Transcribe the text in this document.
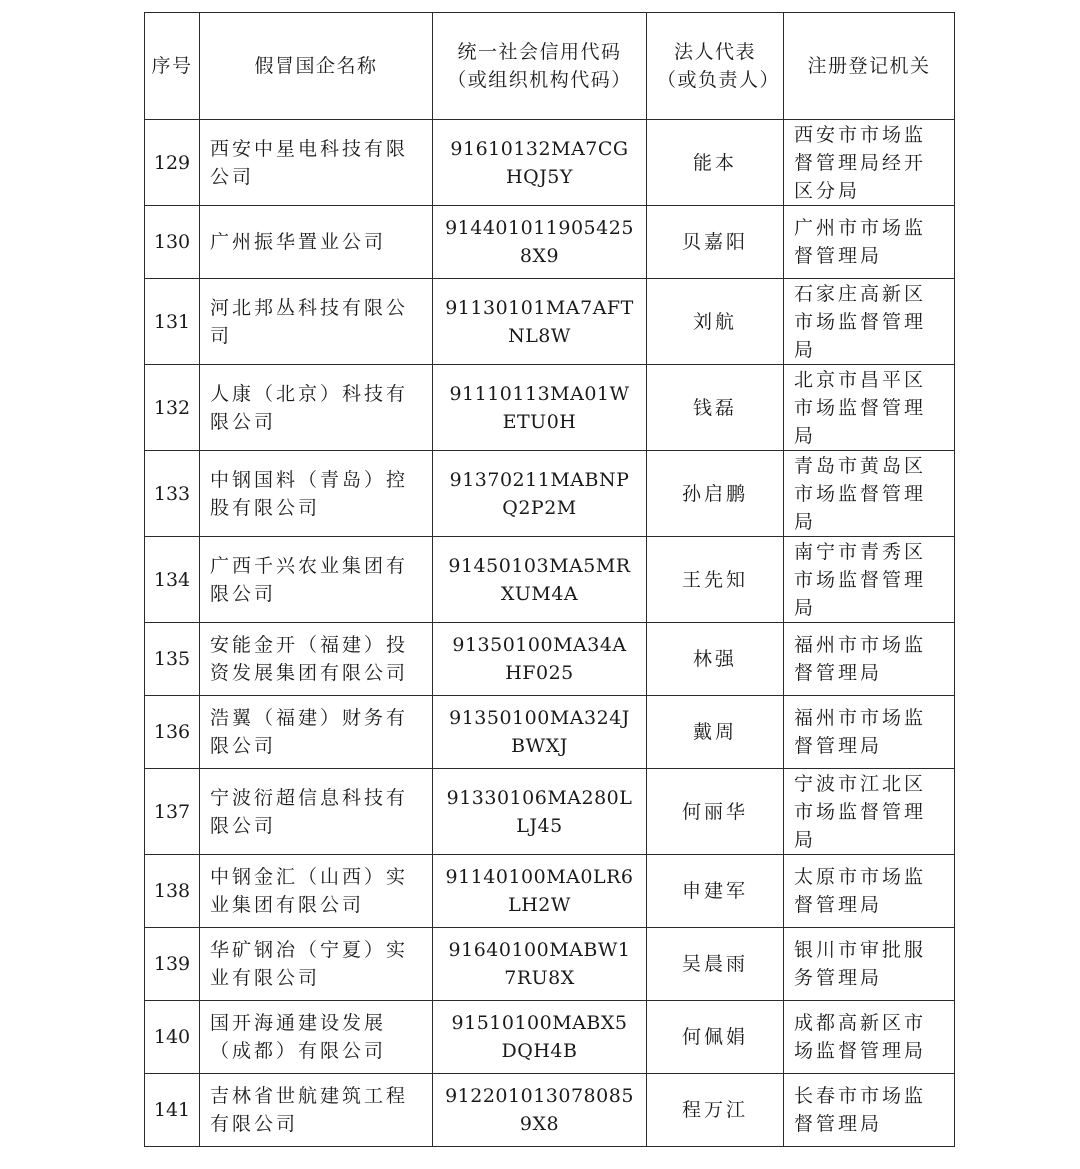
序号	假冒国企名称	统一社会信用代码（或组织机构代码）	法人代表（或负责人）	注册登记机关
129	西安中星电科技有限公司	91610132MA7CGHQJ5Y	能本	西安市市场监督管理局经开区分局
130	广州振华置业公司	9144010119054258X9	贝嘉阳	广州市市场监督管理局
131	河北邦丛科技有限公司	91130101MA7AFTNL8W	刘航	石家庄高新区市场监督管理局
132	人康（北京）科技有限公司	91110113MA01WETU0H	钱磊	北京市昌平区市场监督管理局
133	中钢国料（青岛）控股有限公司	91370211MABNPQ2P2M	孙启鹏	青岛市黄岛区市场监督管理局
134	广西千兴农业集团有限公司	91450103MA5MRXUM4A	王先知	南宁市青秀区市场监督管理局
135	安能金开（福建）投资发展集团有限公司	91350100MA34AHF025	林强	福州市市场监督管理局
136	浩翼（福建）财务有限公司	91350100MA324JBWXJ	戴周	福州市市场监督管理局
137	宁波衍超信息科技有限公司	91330106MA280LLJ45	何丽华	宁波市江北区市场监督管理局
138	中钢金汇（山西）实业集团有限公司	91140100MA0LR6LH2W	申建军	太原市市场监督管理局
139	华矿钢冶（宁夏）实业有限公司	91640100MABW17RU8X	吴晨雨	银川市审批服务管理局
140	国开海通建设发展（成都）有限公司	91510100MABX5DQH4B	何佩娟	成都高新区市场监督管理局
141	吉林省世航建筑工程有限公司	9122010130780859X8	程万江	长春市市场监督管理局
